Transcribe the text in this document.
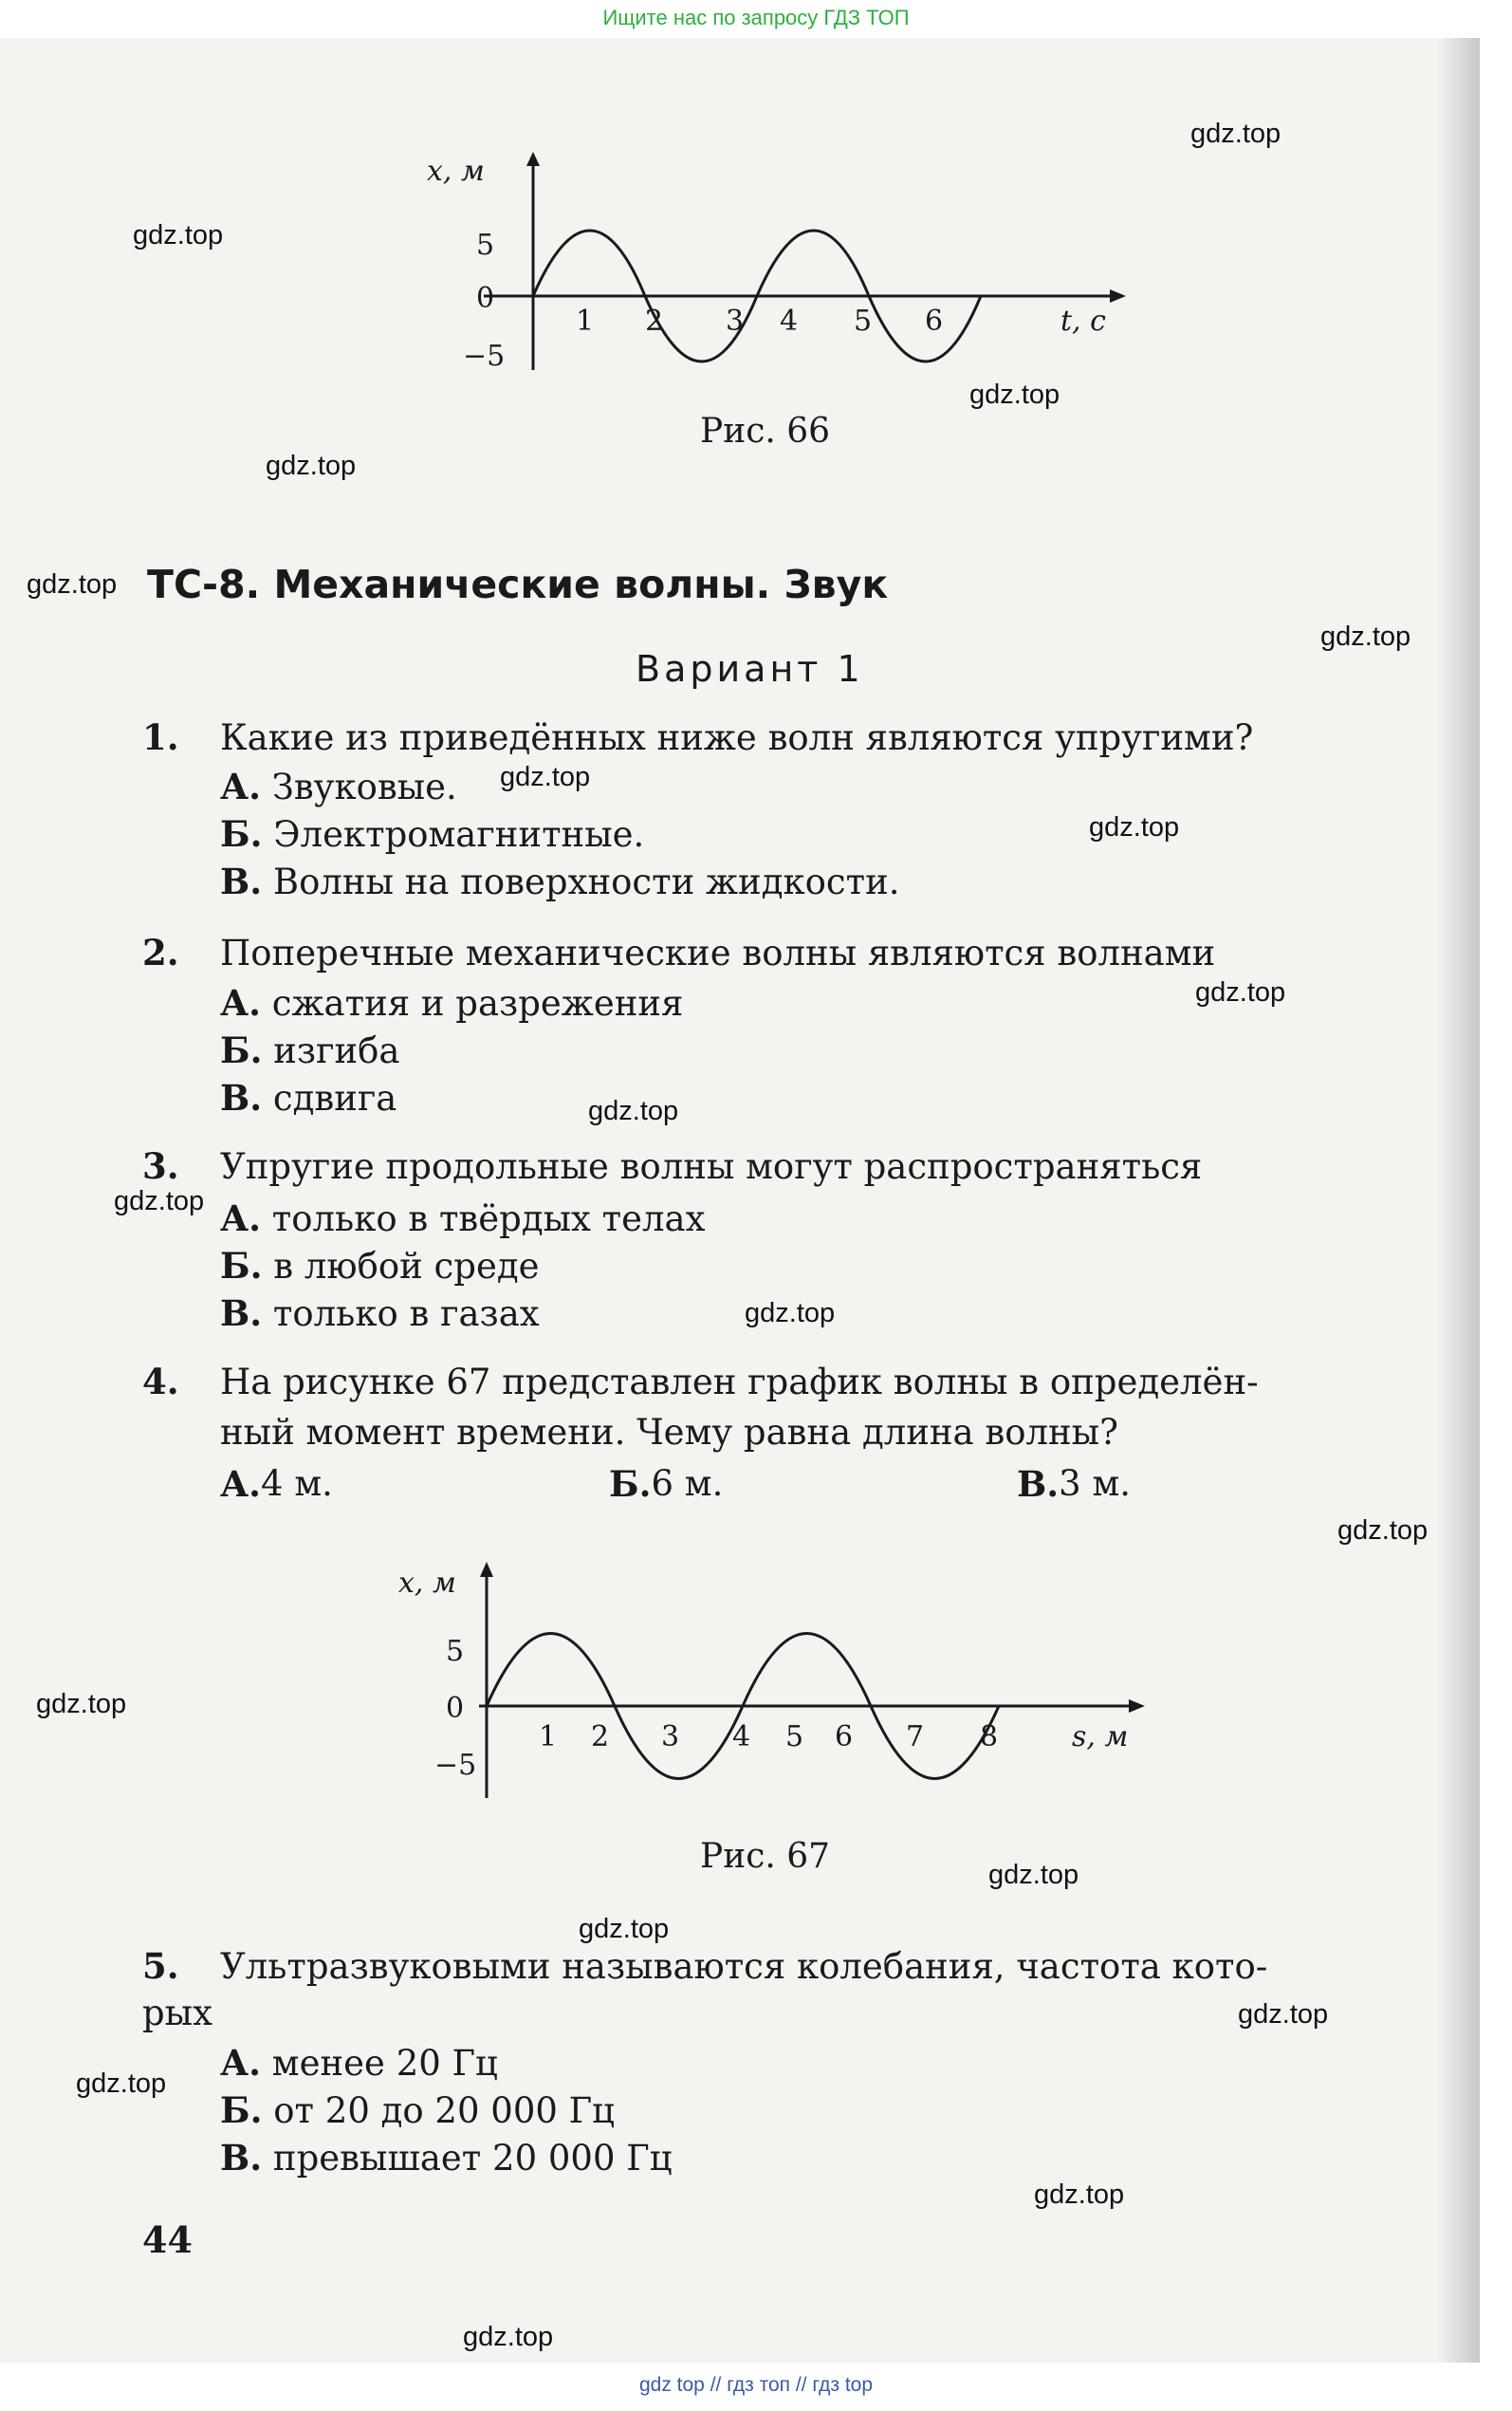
Ищите нас по запросу ГДЗ ТОП
x, м
5
0
−5
1 2 3 4 5 6	t, с
Рис. 66
ТС-8. Механические волны. Звук
Вариант 1
1. Какие из приведённых ниже волн являются упругими?
А. Звуковые.
Б. Электромагнитные.
В. Волны на поверхности жидкости.
2. Поперечные механические волны являются волнами
А. сжатия и разрежения
Б. изгиба
В. сдвига
3. Упругие продольные волны могут распространяться
А. только в твёрдых телах
Б. в любой среде
В. только в газах
4. На рисунке 67 представлен график волны в определён-
ный момент времени. Чему равна длина волны?
А. 4 м.	Б. 6 м.	В. 3 м.
x, м
5
0
−5
1 2 3 4 5 6 7 8	s, м
Рис. 67
5. Ультразвуковыми называются колебания, частота кото-
рых
А. менее 20 Гц
Б. от 20 до 20 000 Гц
В. превышает 20 000 Гц
44
gdz.top
gdz.top
gdz.top
gdz.top
gdz.top
gdz.top
gdz.top
gdz.top
gdz.top
gdz.top
gdz.top
gdz.top
gdz.top
gdz.top
gdz.top
gdz.top
gdz.top
gdz.top
gdz.top
gdz.top
gdz top // гдз топ // гдз top
